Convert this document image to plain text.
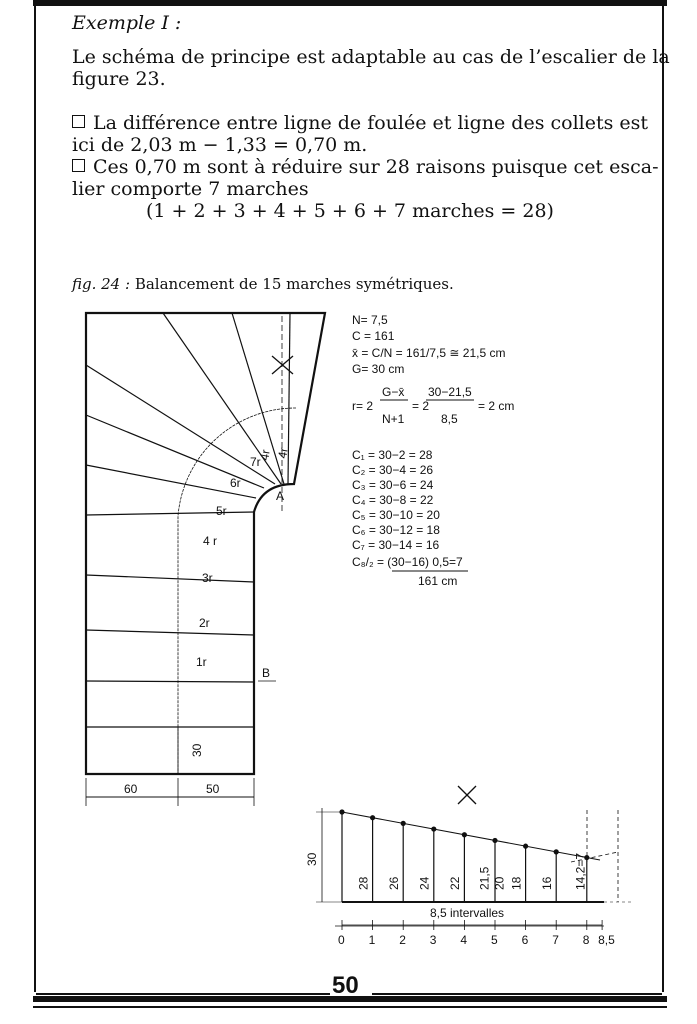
Exemple I :
Le schéma de principe est adaptable au cas de l’escalier de la
figure 23.
La différence entre ligne de foulée et ligne des collets est
ici de 2,03 m − 1,33 = 0,70 m.
Ces 0,70 m sont à réduire sur 28 raisons puisque cet esca-
lier comporte 7 marches
(1 + 2 + 3 + 4 + 5 + 6 + 7 marches = 28)
fig. 24 : Balancement de 15 marches symétriques.
1r
2r
3r
4 r
5r
6r
7r
4r 4r
A
B
60	50
30
N= 7,5
C = 161
x̄ = C/N = 161/7,5 ≅ 21,5 cm
G= 30 cm
r= 2
G−x̄
N+1
= 2
30−21,5
8,5
= 2 cm
C₁ = 30−2 = 28
C₂ = 30−4 = 26
C₃ = 30−6 = 24
C₄ = 30−8 = 22
C₅ = 30−10 = 20
C₆ = 30−12 = 18
C₇ = 30−14 = 16
C₈/₂ = (30−16) 0,5=7
161 cm
30
8,5 intervalles
28 26 24 22 21,5 20 18 16 14,2=7
0 1 2 3 4 5 6 7 8 8,5
50
